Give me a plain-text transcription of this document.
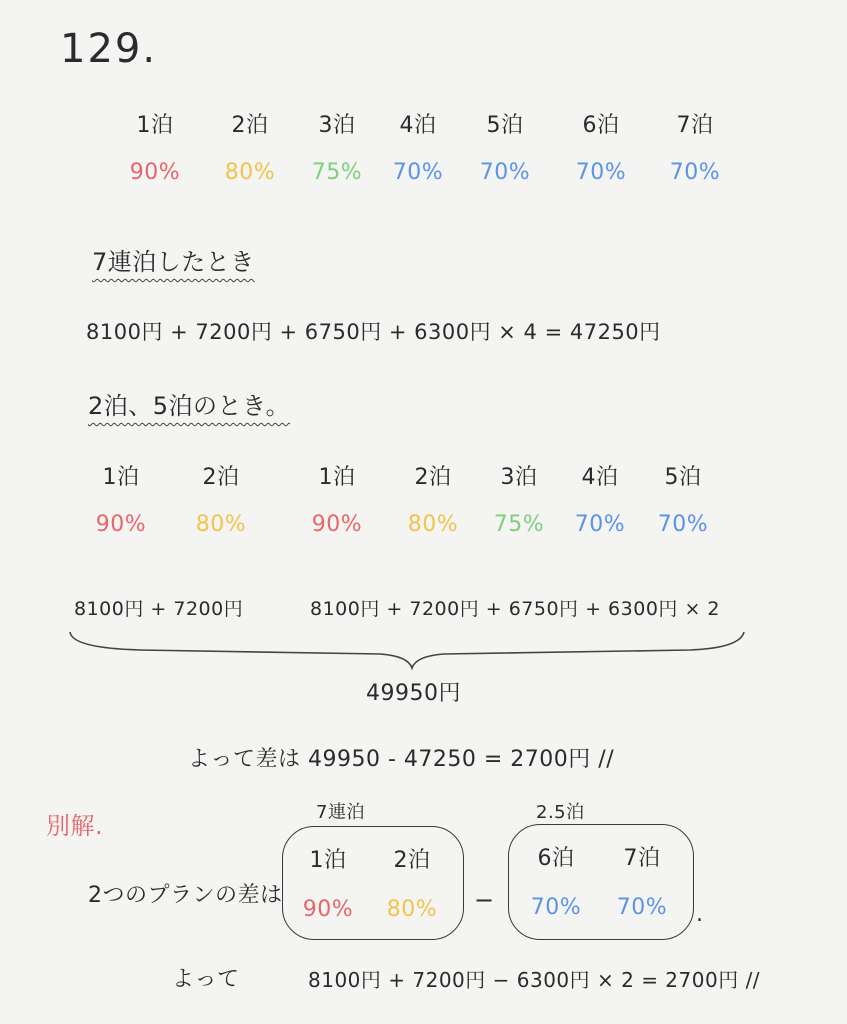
129.
1泊	2泊	3泊	4泊	5泊	6泊	7泊
90%	80%	75%	70%	70%	70%	70%
7連泊したとき
8100円 + 7200円 + 6750円 + 6300円 × 4 = 47250円
2泊、5泊のとき。
1泊	2泊	1泊	2泊	3泊	4泊	5泊
90%	80%	90%	80%	75%	70%	70%
8100円 + 7200円	8100円 + 7200円 + 6750円 + 6300円 × 2
49950円
よって差は 49950 - 47250 = 2700円 //
別解.	7連泊	2.5泊
2つのプランの差は
1泊	2泊
90%	80%	−
6泊	7泊
70%	70%	.
よって	8100円 + 7200円 − 6300円 × 2 = 2700円 //
